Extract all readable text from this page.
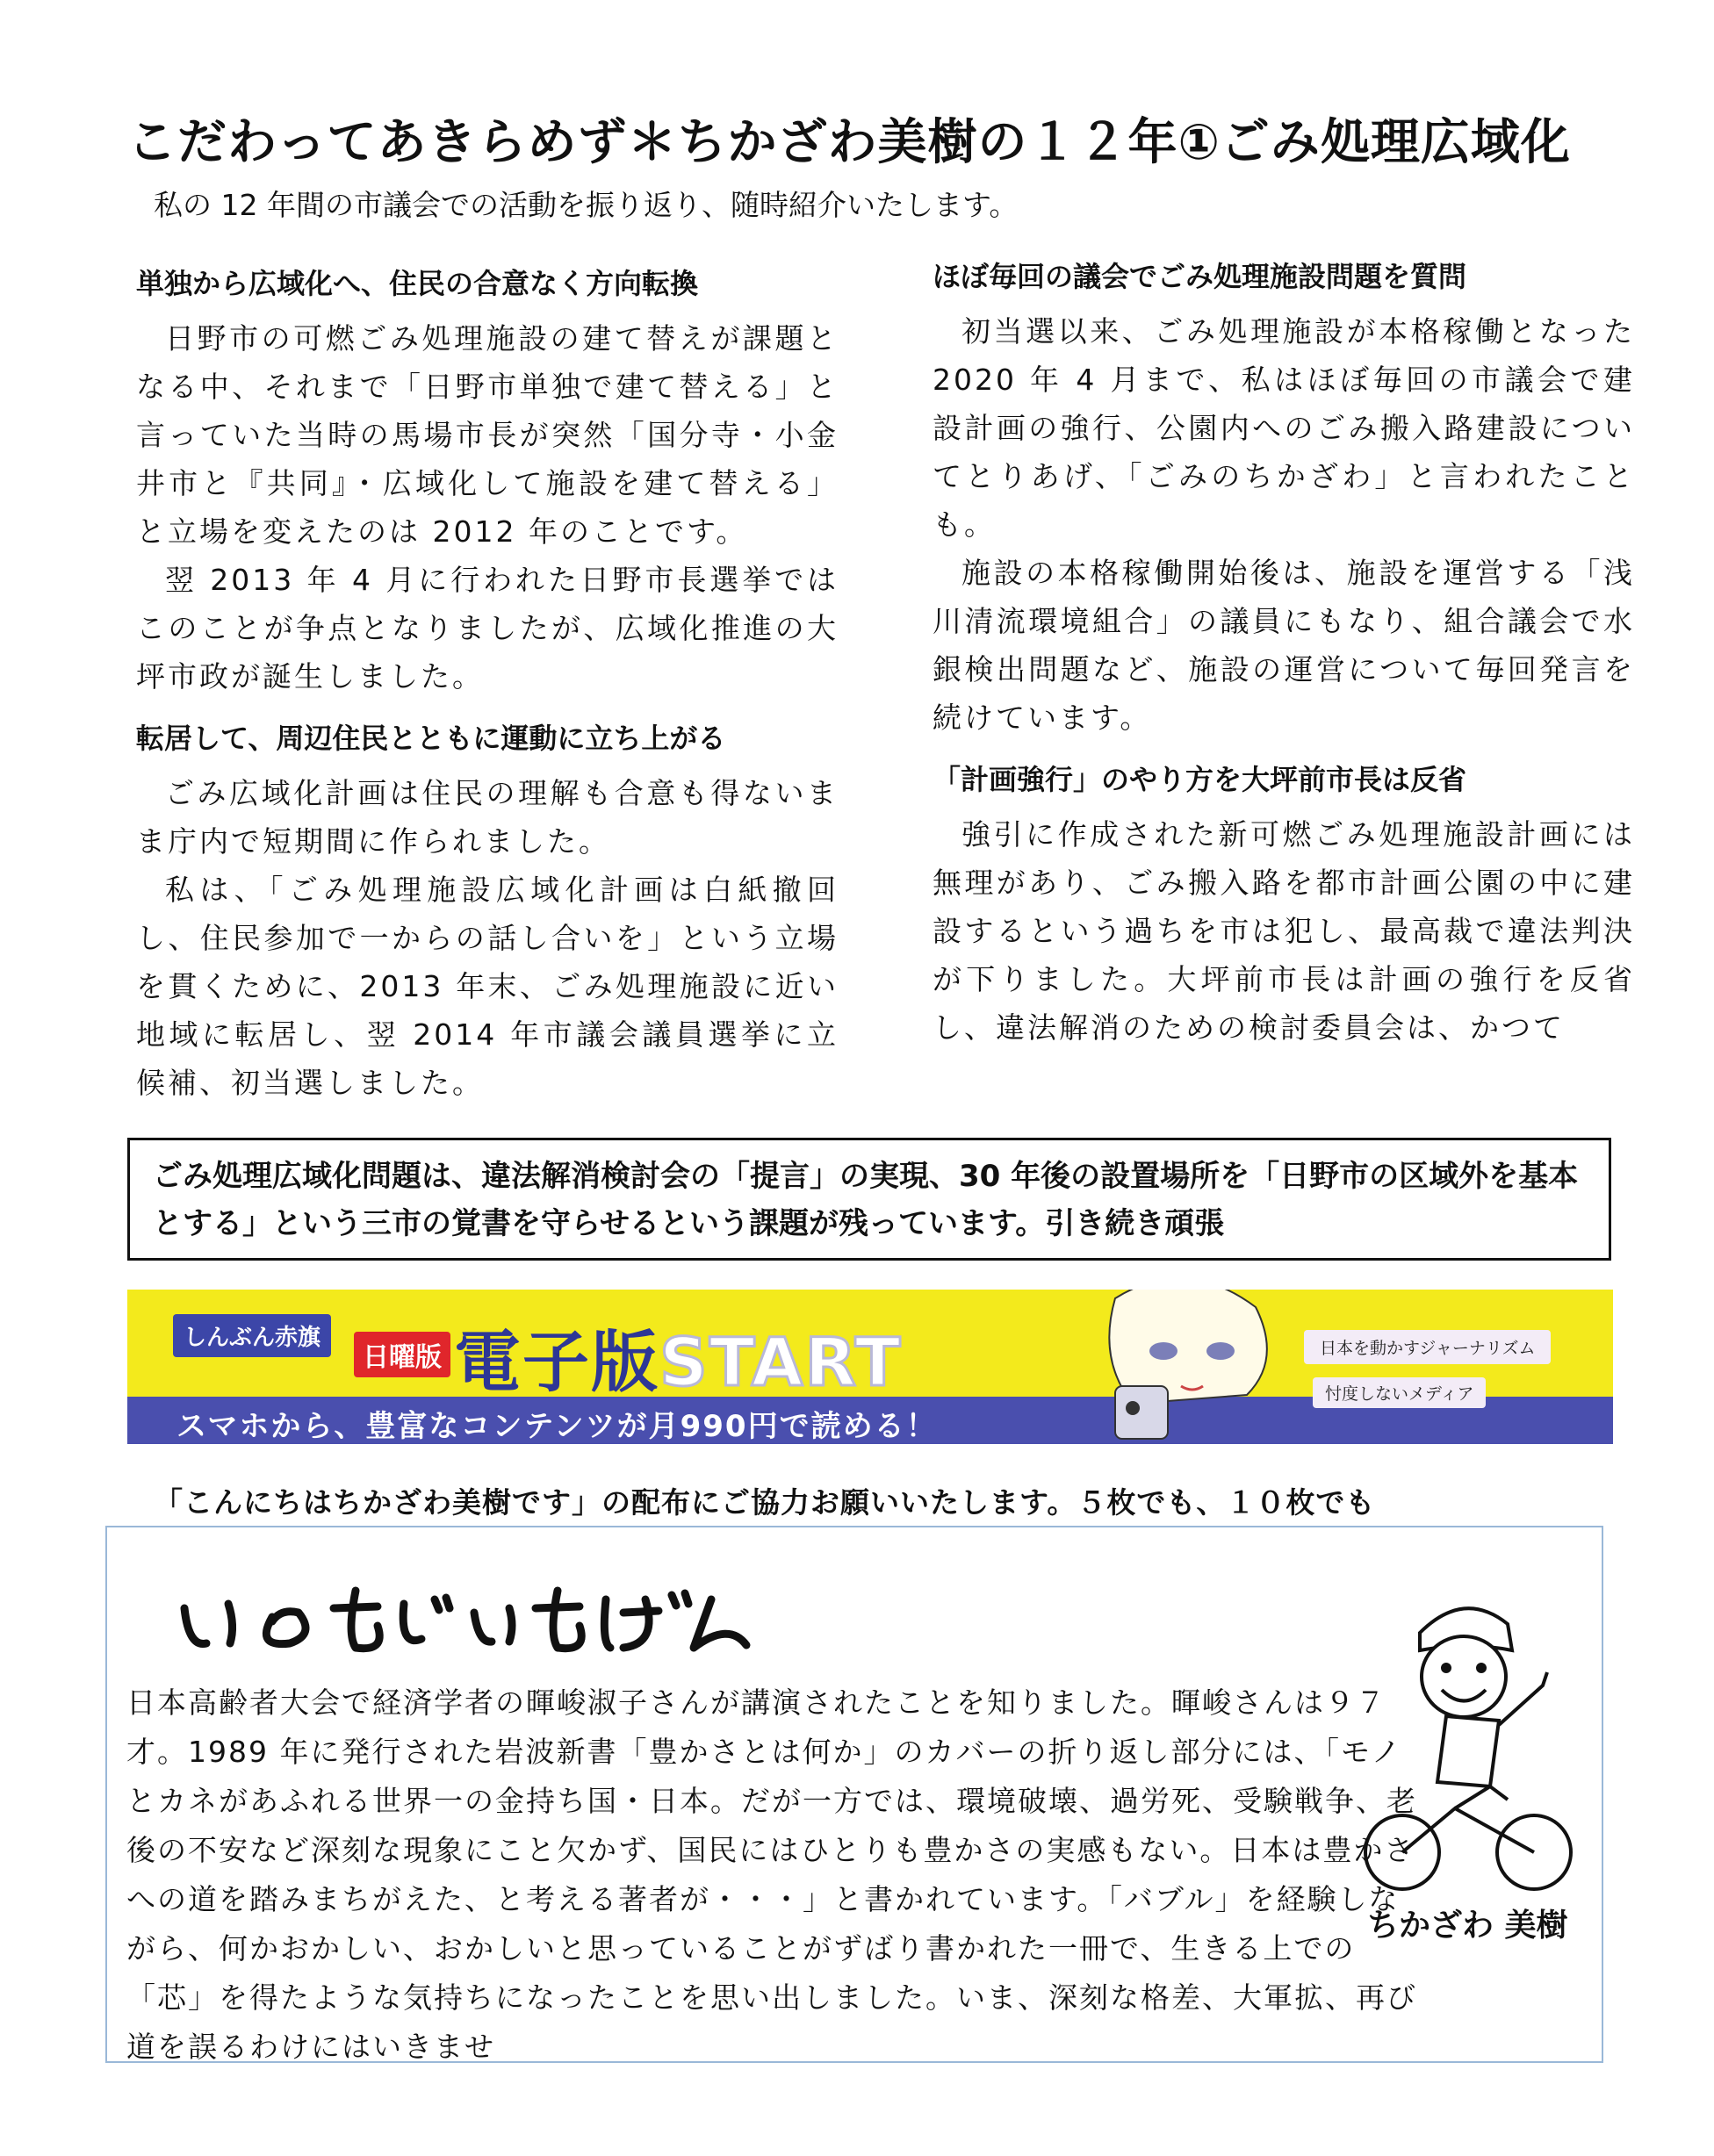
こだわってあきらめず＊ちかざわ美樹の１２年①ごみ処理広域化
私の 12 年間の市議会での活動を振り返り、随時紹介いたします。
単独から広域化へ、住民の合意なく方向転換

日野市の可燃ごみ処理施設の建て替えが課題となる中、それまで「日野市単独で建て替える」と言っていた当時の馬場市長が突然「国分寺・小金井市と『共同』・広域化して施設を建て替える」と立場を変えたのは 2012 年のことです。

翌 2013 年 4 月に行われた日野市長選挙ではこのことが争点となりましたが、広域化推進の大坪市政が誕生しました。

転居して、周辺住民とともに運動に立ち上がる

ごみ広域化計画は住民の理解も合意も得ないまま庁内で短期間に作られました。

私は、「ごみ処理施設広域化計画は白紙撤回し、住民参加で一からの話し合いを」という立場を貫くために、2013 年末、ごみ処理施設に近い地域に転居し、翌 2014 年市議会議員選挙に立候補、初当選しました。

ほぼ毎回の議会でごみ処理施設問題を質問

初当選以来、ごみ処理施設が本格稼働となった 2020 年 4 月まで、私はほぼ毎回の市議会で建設計画の強行、公園内へのごみ搬入路建設についてとりあげ、「ごみのちかざわ」と言われたことも。

施設の本格稼働開始後は、施設を運営する「浅川清流環境組合」の議員にもなり、組合議会で水銀検出問題など、施設の運営について毎回発言を続けています。

「計画強行」のやり方を大坪前市長は反省

強引に作成された新可燃ごみ処理施設計画には無理があり、ごみ搬入路を都市計画公園の中に建設するという過ちを市は犯し、最高裁で違法判決が下りました。大坪前市長は計画の強行を反省し、違法解消のための検討委員会は、かつて

ごみ処理広域化問題は、違法解消検討会の「提言」の実現、30 年後の設置場所を「日野市の区域外を基本とする」という三市の覚書を守らせるという課題が残っています。引き続き頑張

しんぶん赤旗
日曜版 電子版START	日本を動かすジャーナリズム
忖度しないメディア
スマホから、豊富なコンテンツが月990円で読める！
「こんにちはちかざわ美樹です」の配布にご協力お願いいたします。５枚でも、１０枚でも

日本高齢者大会で経済学者の暉峻淑子さんが講演されたことを知りました。暉峻さんは９７才。1989 年に発行された岩波新書「豊かさとは何か」のカバーの折り返し部分には、「モノとカネがあふれる世界一の金持ち国・日本。だが一方では、環境破壊、過労死、受験戦争、老後の不安など深刻な現象にこと欠かず、国民にはひとりも豊かさの実感もない。日本は豊かさへの道を踏みまちがえた、と考える著者が・・・」と書かれています。「バブル」を経験しながら、何かおかしい、おかしいと思っていることがずばり書かれた一冊で、生きる上での「芯」を得たような気持ちになったことを思い出しました。いま、深刻な格差、大軍拡、再び道を誤るわけにはいきませ

ちかざわ 美樹
